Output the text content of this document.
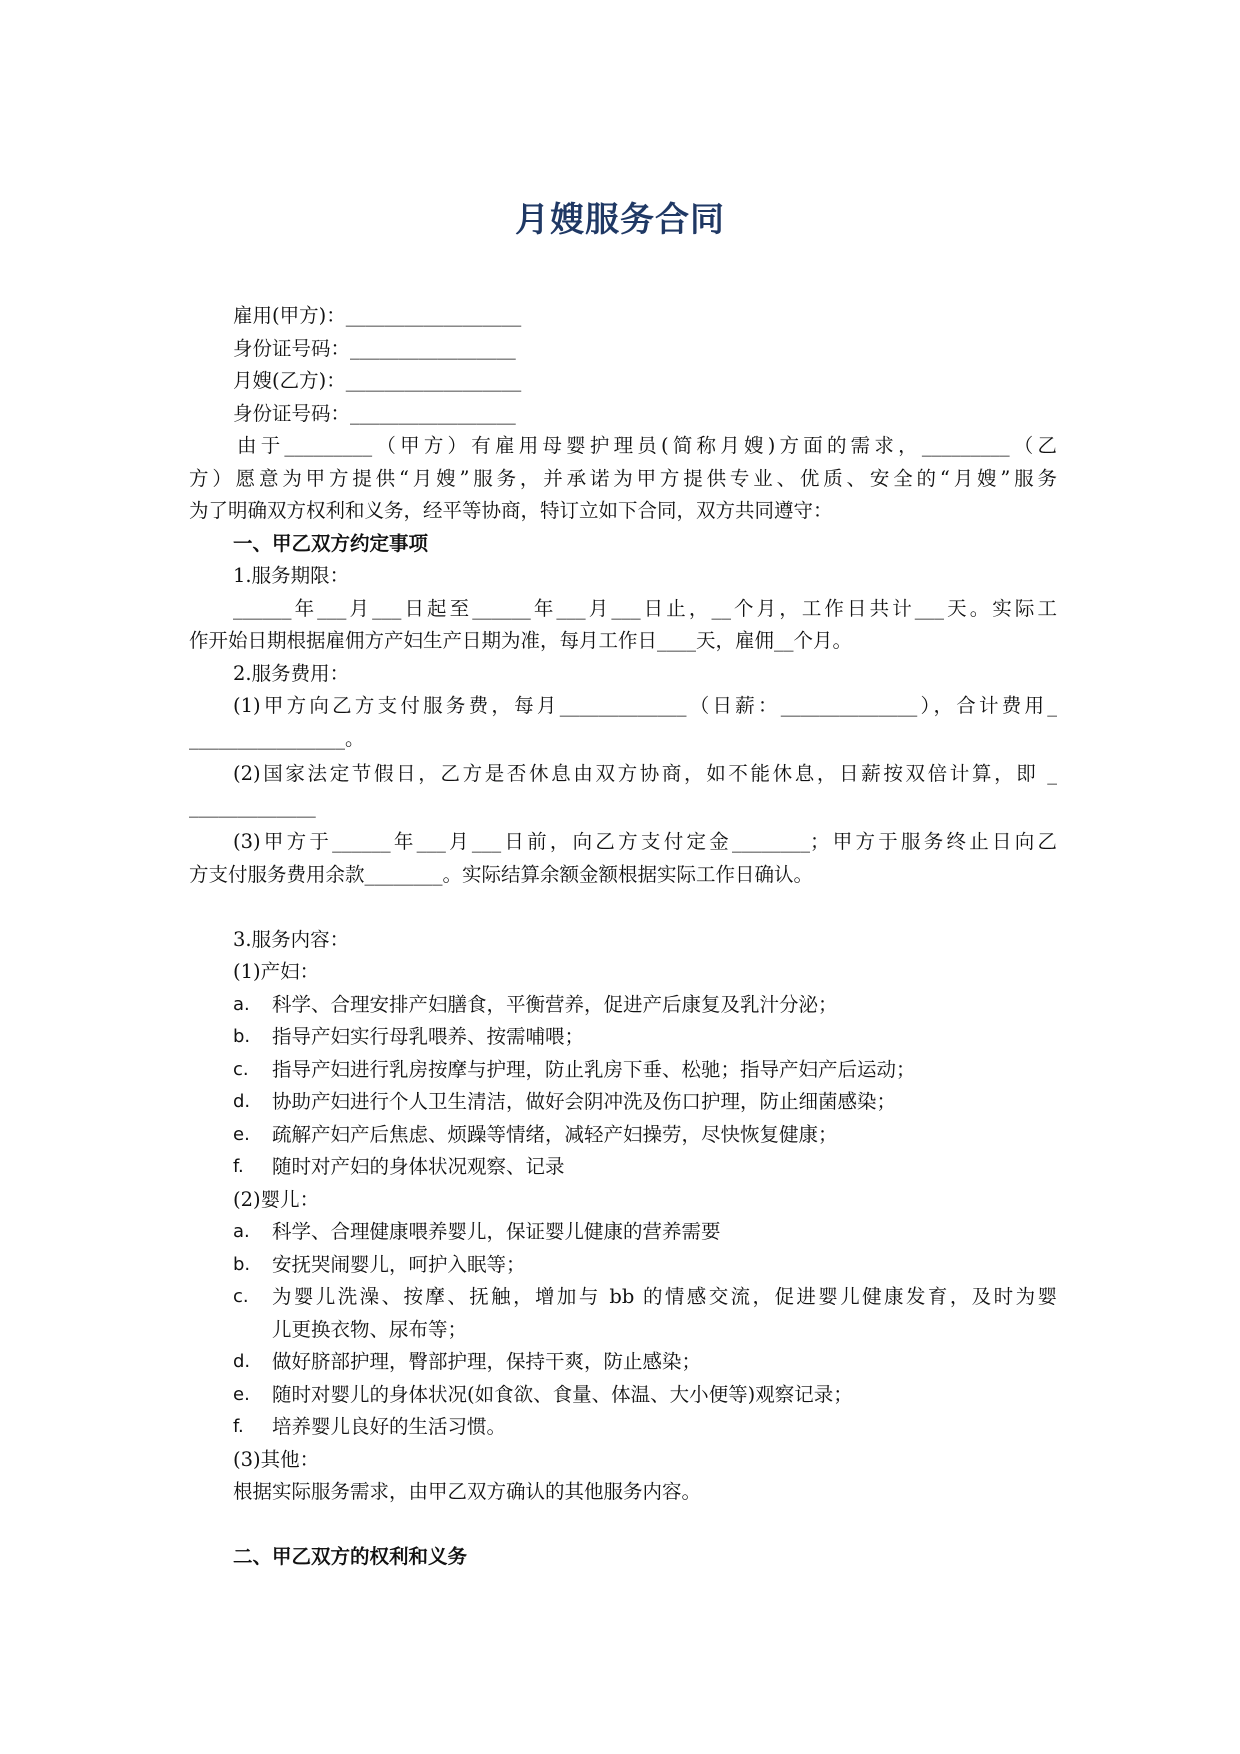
月嫂服务合同
雇用(甲方)：__________________
身份证号码：_________________
月嫂(乙方)：__________________
身份证号码：_________________
由于_________（甲方）有雇用母婴护理员(简称月嫂)方面的需求，_________（乙
方）愿意为甲方提供“月嫂”服务，并承诺为甲方提供专业、优质、安全的“月嫂”服务
为了明确双方权利和义务，经平等协商，特订立如下合同，双方共同遵守：
一、甲乙双方约定事项
1.服务期限：
______年___月___日起至______年___月___日止，__个月，工作日共计___天。实际工
作开始日期根据雇佣方产妇生产日期为准，每月工作日____天，雇佣__个月。
2.服务费用：
(1)甲方向乙方支付服务费，每月_____________（日薪：______________），合计费用_
________________。
(2)国家法定节假日，乙方是否休息由双方协商，如不能休息，日薪按双倍计算，即 _
_____________
(3)甲方于______年___月___日前，向乙方支付定金________；甲方于服务终止日向乙
方支付服务费用余款________。实际结算余额金额根据实际工作日确认。
3.服务内容：
(1)产妇：
a.	科学、合理安排产妇膳食，平衡营养，促进产后康复及乳汁分泌；
b.	指导产妇实行母乳喂养、按需哺喂；
c.	指导产妇进行乳房按摩与护理，防止乳房下垂、松驰；指导产妇产后运动；
d.	协助产妇进行个人卫生清洁，做好会阴冲洗及伤口护理，防止细菌感染；
e.	疏解产妇产后焦虑、烦躁等情绪，减轻产妇操劳，尽快恢复健康；
f.	随时对产妇的身体状况观察、记录
(2)婴儿：
a.	科学、合理健康喂养婴儿，保证婴儿健康的营养需要
b.	安抚哭闹婴儿，呵护入眠等；
c.	为婴儿洗澡、按摩、抚触，增加与 bb 的情感交流，促进婴儿健康发育，及时为婴
儿更换衣物、尿布等；
d.	做好脐部护理，臀部护理，保持干爽，防止感染；
e.	随时对婴儿的身体状况(如食欲、食量、体温、大小便等)观察记录；
f.	培养婴儿良好的生活习惯。
(3)其他：
根据实际服务需求，由甲乙双方确认的其他服务内容。
二、甲乙双方的权利和义务
